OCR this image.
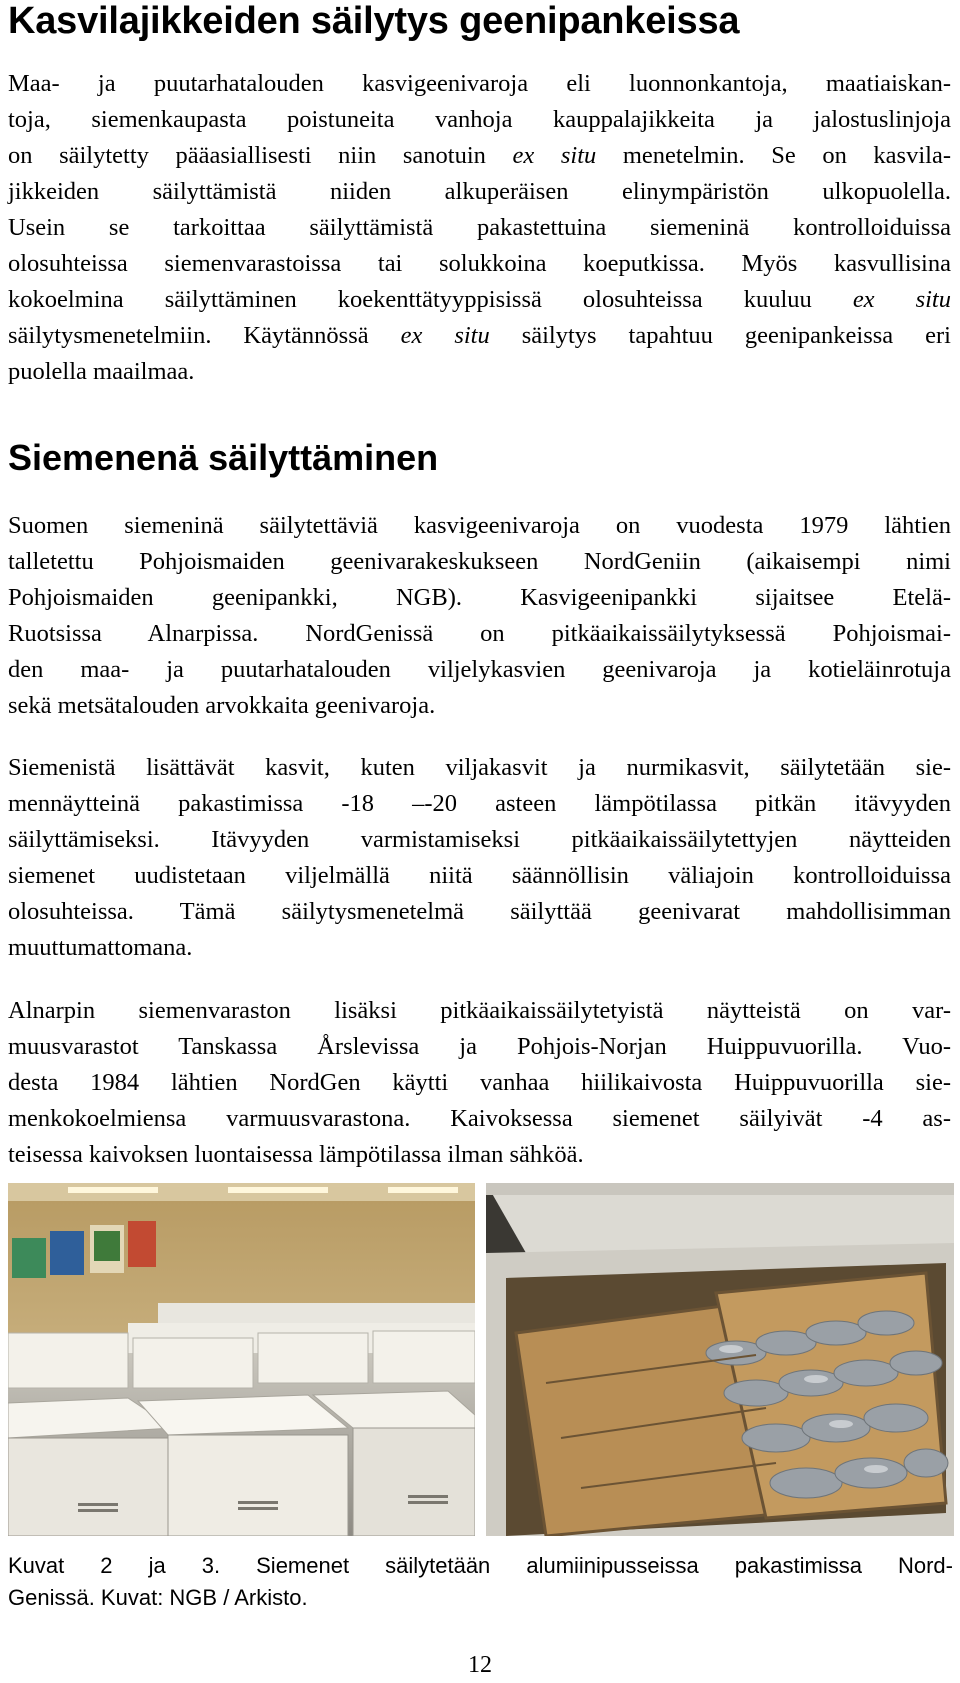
Kasvilajikkeiden säilytys geenipankeissa
Maa- ja puutarhatalouden kasvigeenivaroja eli luonnonkantoja, maatiaiskan-
toja, siemenkaupasta poistuneita vanhoja kauppalajikkeita ja jalostuslinjoja
on säilytetty pääasiallisesti niin sanotuin ex situ menetelmin. Se on kasvila-
jikkeiden säilyttämistä niiden alkuperäisen elinympäristön ulkopuolella.
Usein se tarkoittaa säilyttämistä pakastettuina siemeninä kontrolloiduissa
olosuhteissa siemenvarastoissa tai solukkoina koeputkissa. Myös kasvullisina
kokoelmina säilyttäminen koekenttätyyppisissä olosuhteissa kuuluu ex situ
säilytysmenetelmiin. Käytännössä ex situ säilytys tapahtuu geenipankeissa eri
puolella maailmaa.
Siemenenä säilyttäminen
Suomen siemeninä säilytettäviä kasvigeenivaroja on vuodesta 1979 lähtien
talletettu Pohjoismaiden geenivarakeskukseen NordGeniin (aikaisempi nimi
Pohjoismaiden geenipankki, NGB). Kasvigeenipankki sijaitsee Etelä-
Ruotsissa Alnarpissa. NordGenissä on pitkäaikaissäilytyksessä Pohjoismai-
den maa- ja puutarhatalouden viljelykasvien geenivaroja ja kotieläinrotuja
sekä metsätalouden arvokkaita geenivaroja.
Siemenistä lisättävät kasvit, kuten viljakasvit ja nurmikasvit, säilytetään sie-
mennäytteinä pakastimissa -18 –-20 asteen lämpötilassa pitkän itävyyden
säilyttämiseksi. Itävyyden varmistamiseksi pitkäaikaissäilytettyjen näytteiden
siemenet uudistetaan viljelmällä niitä säännöllisin väliajoin kontrolloiduissa
olosuhteissa. Tämä säilytysmenetelmä säilyttää geenivarat mahdollisimman
muuttumattomana.
Alnarpin siemenvaraston lisäksi pitkäaikaissäilytetyistä näytteistä on var-
muusvarastot Tanskassa Årslevissa ja Pohjois-Norjan Huippuvuorilla. Vuo-
desta 1984 lähtien NordGen käytti vanhaa hiilikaivosta Huippuvuorilla sie-
menkokoelmiensa varmuusvarastona. Kaivoksessa siemenet säilyivät -4 as-
teisessa kaivoksen luontaisessa lämpötilassa ilman sähköä.
Kuvat 2 ja 3. Siemenet säilytetään alumiinipusseissa pakastimissa Nord-
Genissä. Kuvat: NGB / Arkisto.
12
